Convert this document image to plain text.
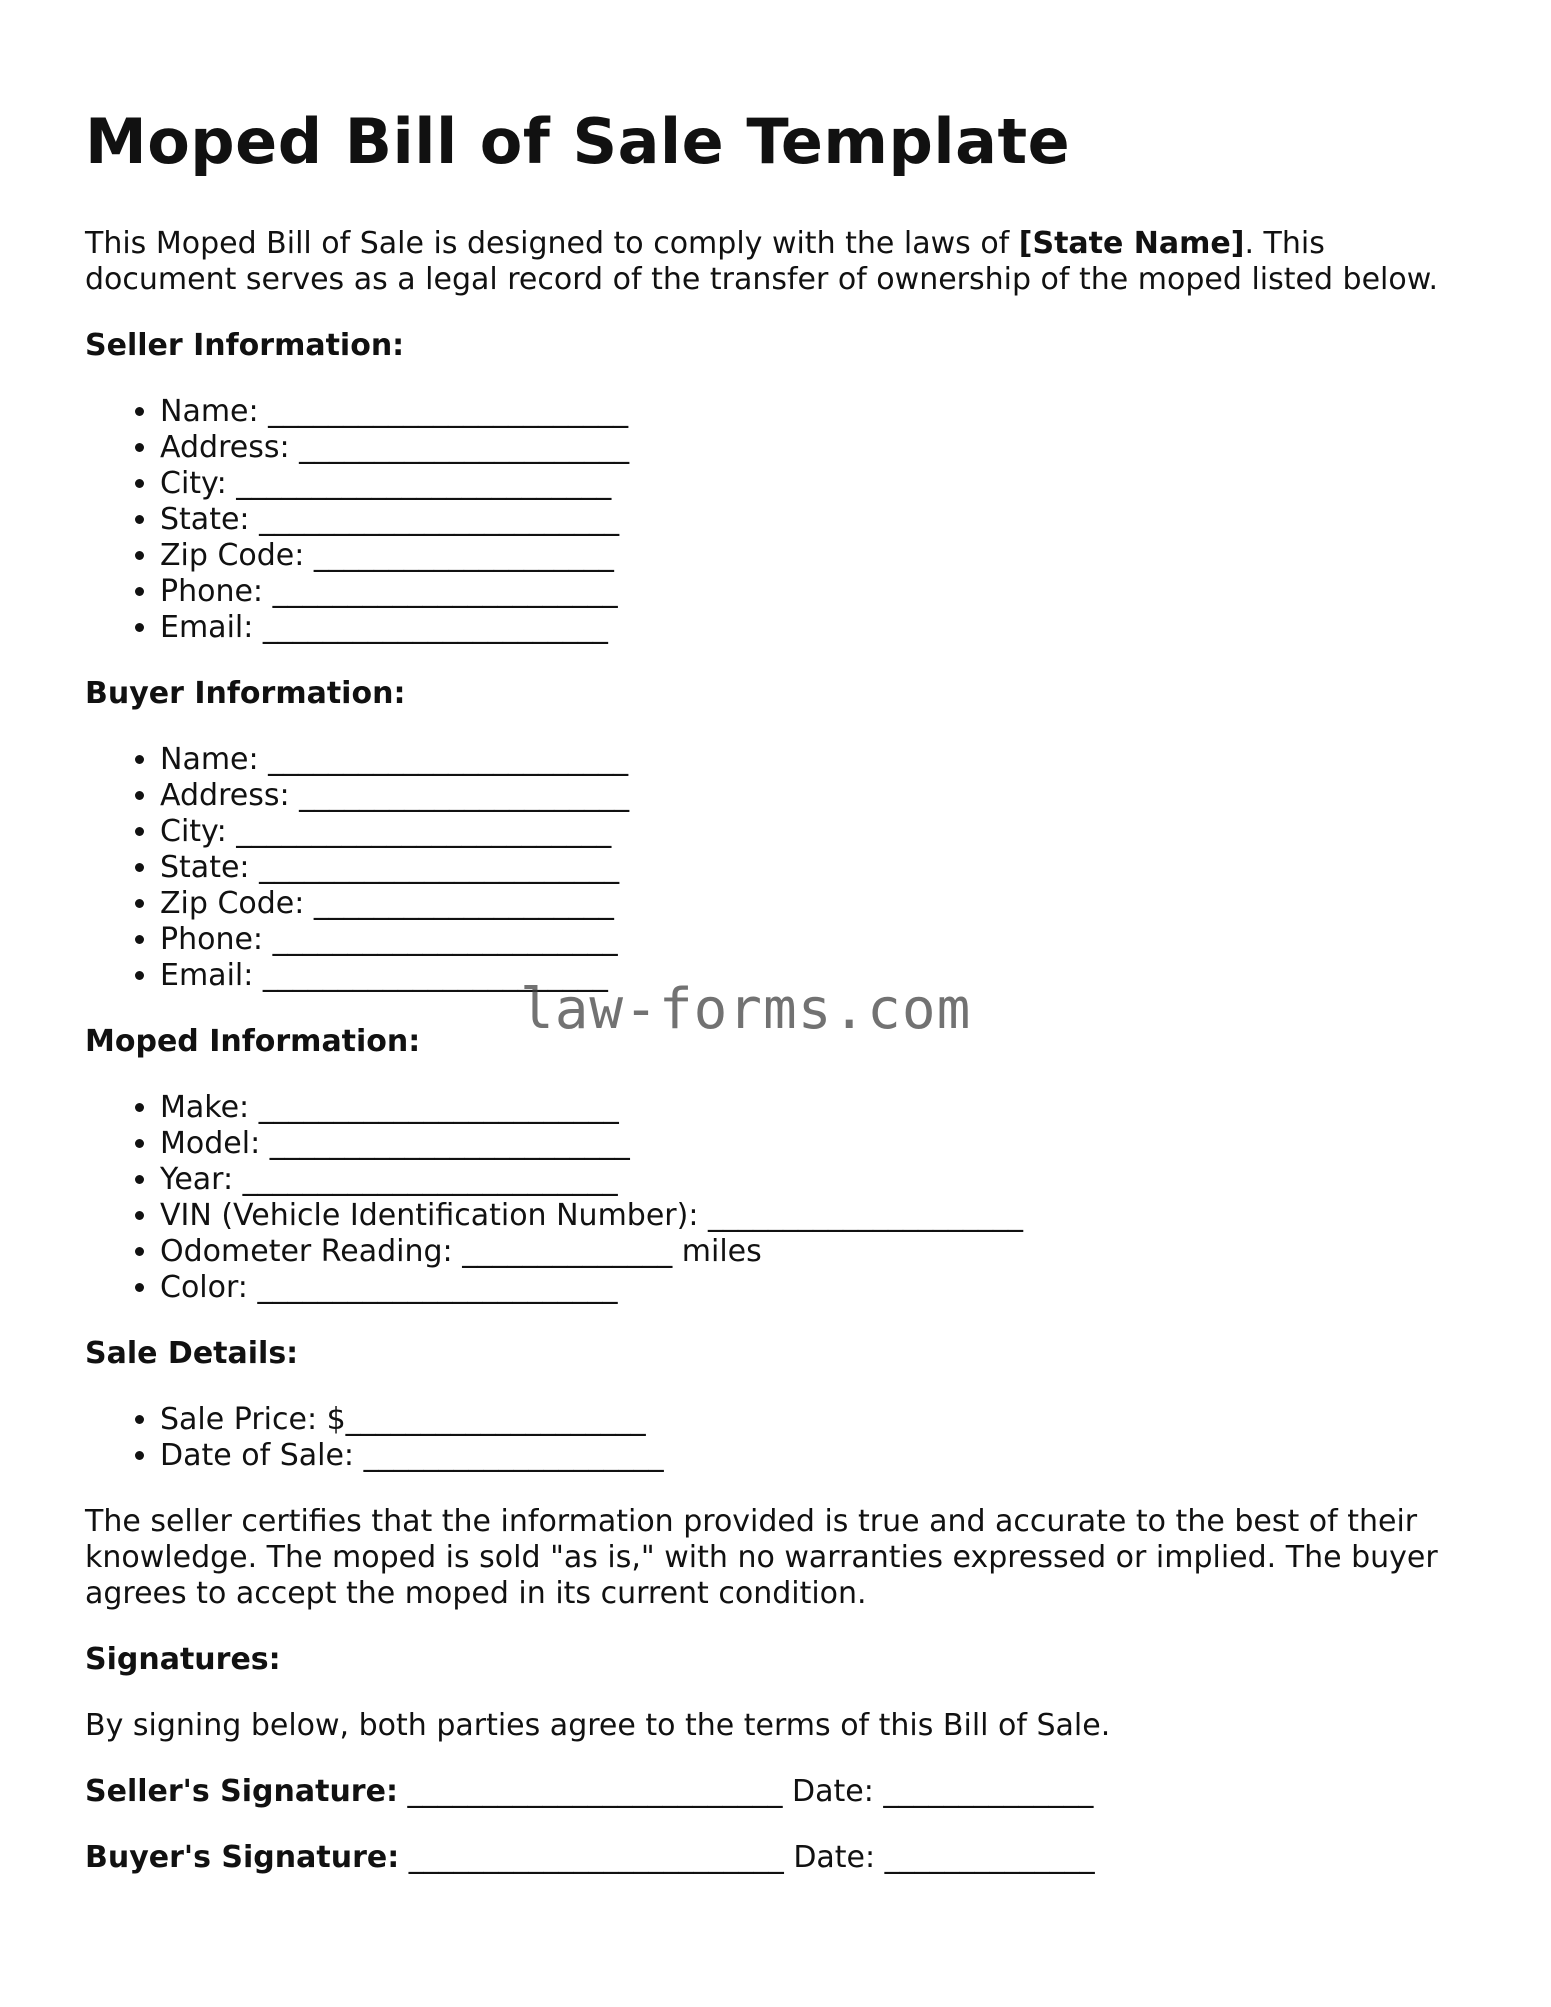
Moped Bill of Sale Template

This Moped Bill of Sale is designed to comply with the laws of [State Name]. This document serves as a legal record of the transfer of ownership of the moped listed below.

Seller Information:
• Name: ________________________
• Address: ______________________
• City: _________________________
• State: ________________________
• Zip Code: ____________________
• Phone: _______________________
• Email: _______________________
Buyer Information:
• Name: ________________________
• Address: ______________________
• City: _________________________
• State: ________________________
• Zip Code: ____________________
• Phone: _______________________
• Email: _______________________
Moped Information:
• Make: ________________________
• Model: ________________________
• Year: _________________________
• VIN (Vehicle Identification Number): _____________________
• Odometer Reading: ______________ miles
• Color: ________________________
Sale Details:
• Sale Price: $____________________
• Date of Sale: ____________________

The seller certifies that the information provided is true and accurate to the best of their knowledge. The moped is sold "as is," with no warranties expressed or implied. The buyer agrees to accept the moped in its current condition.

Signatures:

By signing below, both parties agree to the terms of this Bill of Sale.

Seller's Signature: _________________________ Date: ______________
Buyer's Signature: _________________________ Date: ______________
law-forms.com
